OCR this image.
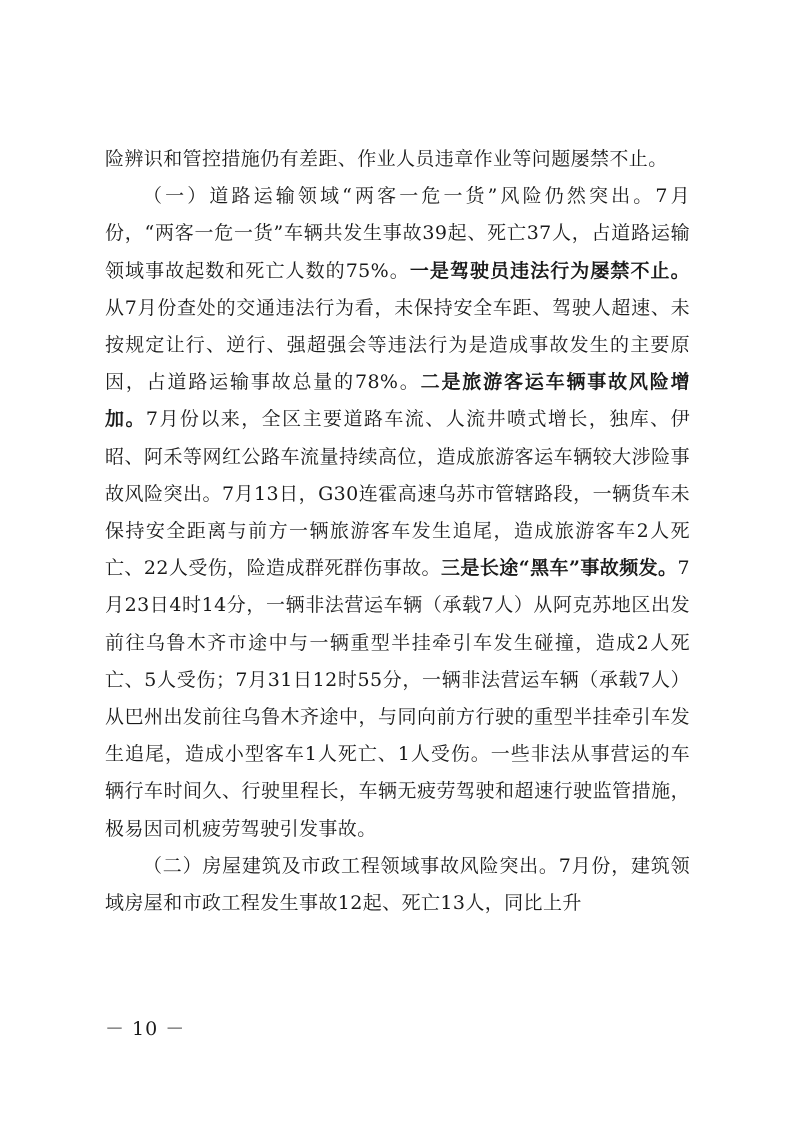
险辨识和管控措施仍有差距、作业人员违章作业等问题屡禁不止。

（一）道路运输领域“两客一危一货”风险仍然突出。7月份，“两客一危一货”车辆共发生事故39起、死亡37人，占道路运输领域事故起数和死亡人数的75%。一是驾驶员违法行为屡禁不止。从7月份查处的交通违法行为看，未保持安全车距、驾驶人超速、未按规定让行、逆行、强超强会等违法行为是造成事故发生的主要原因，占道路运输事故总量的78%。二是旅游客运车辆事故风险增加。7月份以来，全区主要道路车流、人流井喷式增长，独库、伊昭、阿禾等网红公路车流量持续高位，造成旅游客运车辆较大涉险事故风险突出。7月13日，G30连霍高速乌苏市管辖路段，一辆货车未保持安全距离与前方一辆旅游客车发生追尾，造成旅游客车2人死亡、22人受伤，险造成群死群伤事故。三是长途“黑车”事故频发。7月23日4时14分，一辆非法营运车辆（承载7人）从阿克苏地区出发前往乌鲁木齐市途中与一辆重型半挂牵引车发生碰撞，造成2人死亡、5人受伤；7月31日12时55分，一辆非法营运车辆（承载7人）从巴州出发前往乌鲁木齐途中，与同向前方行驶的重型半挂牵引车发生追尾，造成小型客车1人死亡、1人受伤。一些非法从事营运的车辆行车时间久、行驶里程长，车辆无疲劳驾驶和超速行驶监管措施，极易因司机疲劳驾驶引发事故。

（二）房屋建筑及市政工程领域事故风险突出。7月份，建筑领域房屋和市政工程发生事故12起、死亡13人，同比上升

－ 10 －
